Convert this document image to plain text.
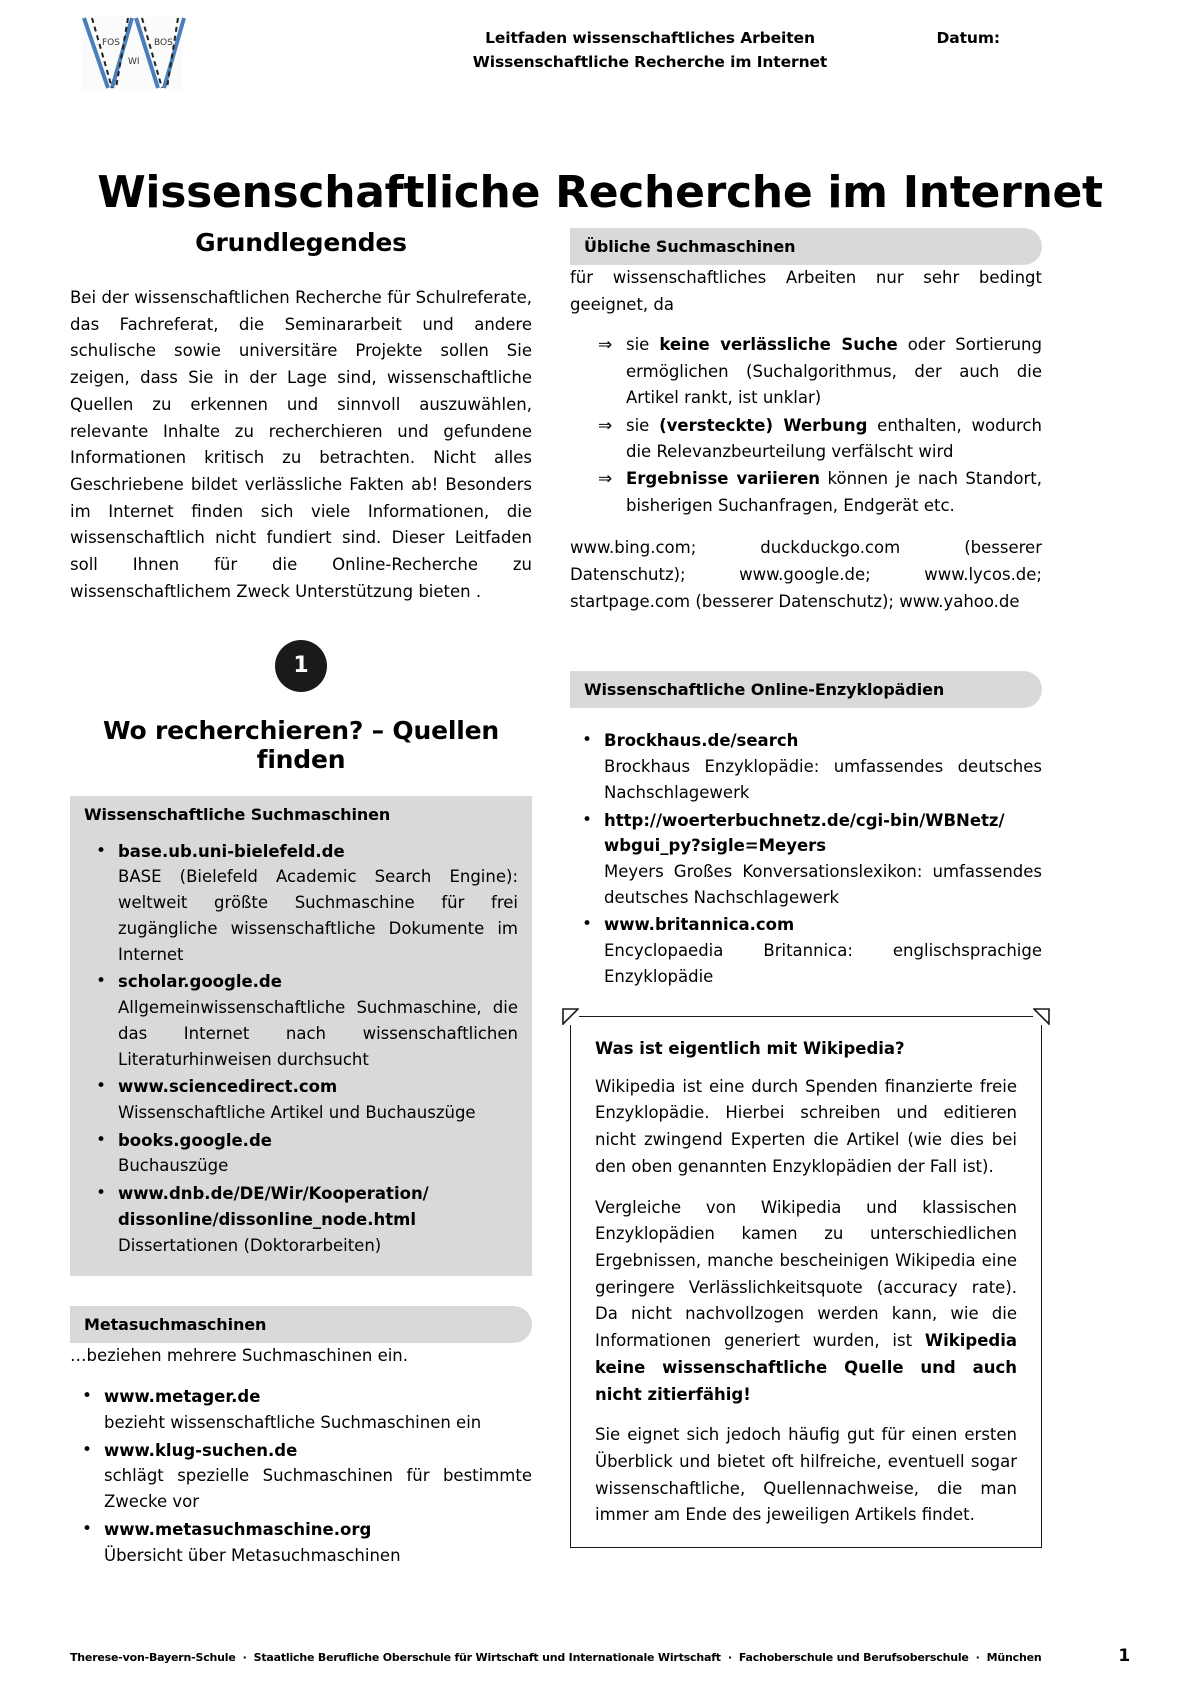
FOS	BOS
WI
Leitfaden wissenschaftliches Arbeiten	Datum:
Wissenschaftliche Recherche im Internet
Wissenschaftliche Recherche im Internet
Grundlegendes

Bei der wissenschaftlichen Recherche für Schulreferate, das Fachreferat, die Seminararbeit und andere schulische sowie universitäre Projekte sollen Sie zeigen, dass Sie in der Lage sind, wissenschaftliche Quellen zu erkennen und sinnvoll auszuwählen, relevante Inhalte zu recherchieren und gefundene Informationen kritisch zu betrachten. Nicht alles Geschriebene bildet verlässliche Fakten ab! Besonders im Internet finden sich viele Informationen, die wissenschaftlich nicht fundiert sind. Dieser Leitfaden soll Ihnen für die Online-Recherche zu wissenschaftlichem Zweck Unterstützung bieten .

1
Wo recherchieren? – Quellen finden
Wissenschaftliche Suchmaschinen
• base.ub.uni-bielefeld.de
BASE (Bielefeld Academic Search Engine): weltweit größte Suchmaschine für frei zugängliche wissenschaftliche Dokumente im Internet
• scholar.google.de
Allgemeinwissenschaftliche Suchmaschine, die das Internet nach wissenschaftlichen Literaturhinweisen durchsucht
• www.sciencedirect.com
Wissenschaftliche Artikel und Buchauszüge
• books.google.de
Buchauszüge
• www.dnb.de/DE/Wir/Kooperation/ dissonline/dissonline_node.html
Dissertationen (Doktorarbeiten)
Metasuchmaschinen

…beziehen mehrere Suchmaschinen ein.

• www.metager.de
bezieht wissenschaftliche Suchmaschinen ein
• www.klug-suchen.de
schlägt spezielle Suchmaschinen für bestimmte Zwecke vor
• www.metasuchmaschine.org
Übersicht über Metasuchmaschinen
Übliche Suchmaschinen

für wissenschaftliches Arbeiten nur sehr bedingt geeignet, da

⇒ sie keine verlässliche Suche oder Sortierung ermöglichen (Suchalgorithmus, der auch die Artikel rankt, ist unklar)
⇒ sie (versteckte) Werbung enthalten, wodurch die Relevanzbeurteilung verfälscht wird
⇒ Ergebnisse variieren können je nach Standort, bisherigen Suchanfragen, Endgerät etc.

www.bing.com; duckduckgo.com (besserer Datenschutz); www.google.de; www.lycos.de; startpage.com (besserer Datenschutz); www.yahoo.de

Wissenschaftliche Online-Enzyklopädien
• Brockhaus.de/search
Brockhaus Enzyklopädie: umfassendes deutsches Nachschlagewerk
• http://woerterbuchnetz.de/cgi-bin/WBNetz/ wbgui_py?sigle=Meyers
Meyers Großes Konversationslexikon: umfassendes deutsches Nachschlagewerk
• www.britannica.com
Encyclopaedia Britannica: englischsprachige Enzyklopädie
Was ist eigentlich mit Wikipedia?

Wikipedia ist eine durch Spenden finanzierte freie Enzyklopädie. Hierbei schreiben und editieren nicht zwingend Experten die Artikel (wie dies bei den oben genannten Enzyklopädien der Fall ist).

Vergleiche von Wikipedia und klassischen Enzyklopädien kamen zu unterschiedlichen Ergebnissen, manche bescheinigen Wikipedia eine geringere Verlässlichkeitsquote (accuracy rate). Da nicht nachvollzogen werden kann, wie die Informationen generiert wurden, ist Wikipedia keine wissenschaftliche Quelle und auch nicht zitierfähig!

Sie eignet sich jedoch häufig gut für einen ersten Überblick und bietet oft hilfreiche, eventuell sogar wissenschaftliche, Quellennachweise, die man immer am Ende des jeweiligen Artikels findet.

Therese-von-Bayern-Schule · Staatliche Berufliche Oberschule für Wirtschaft und Internationale Wirtschaft · Fachoberschule und Berufsoberschule · München	1
